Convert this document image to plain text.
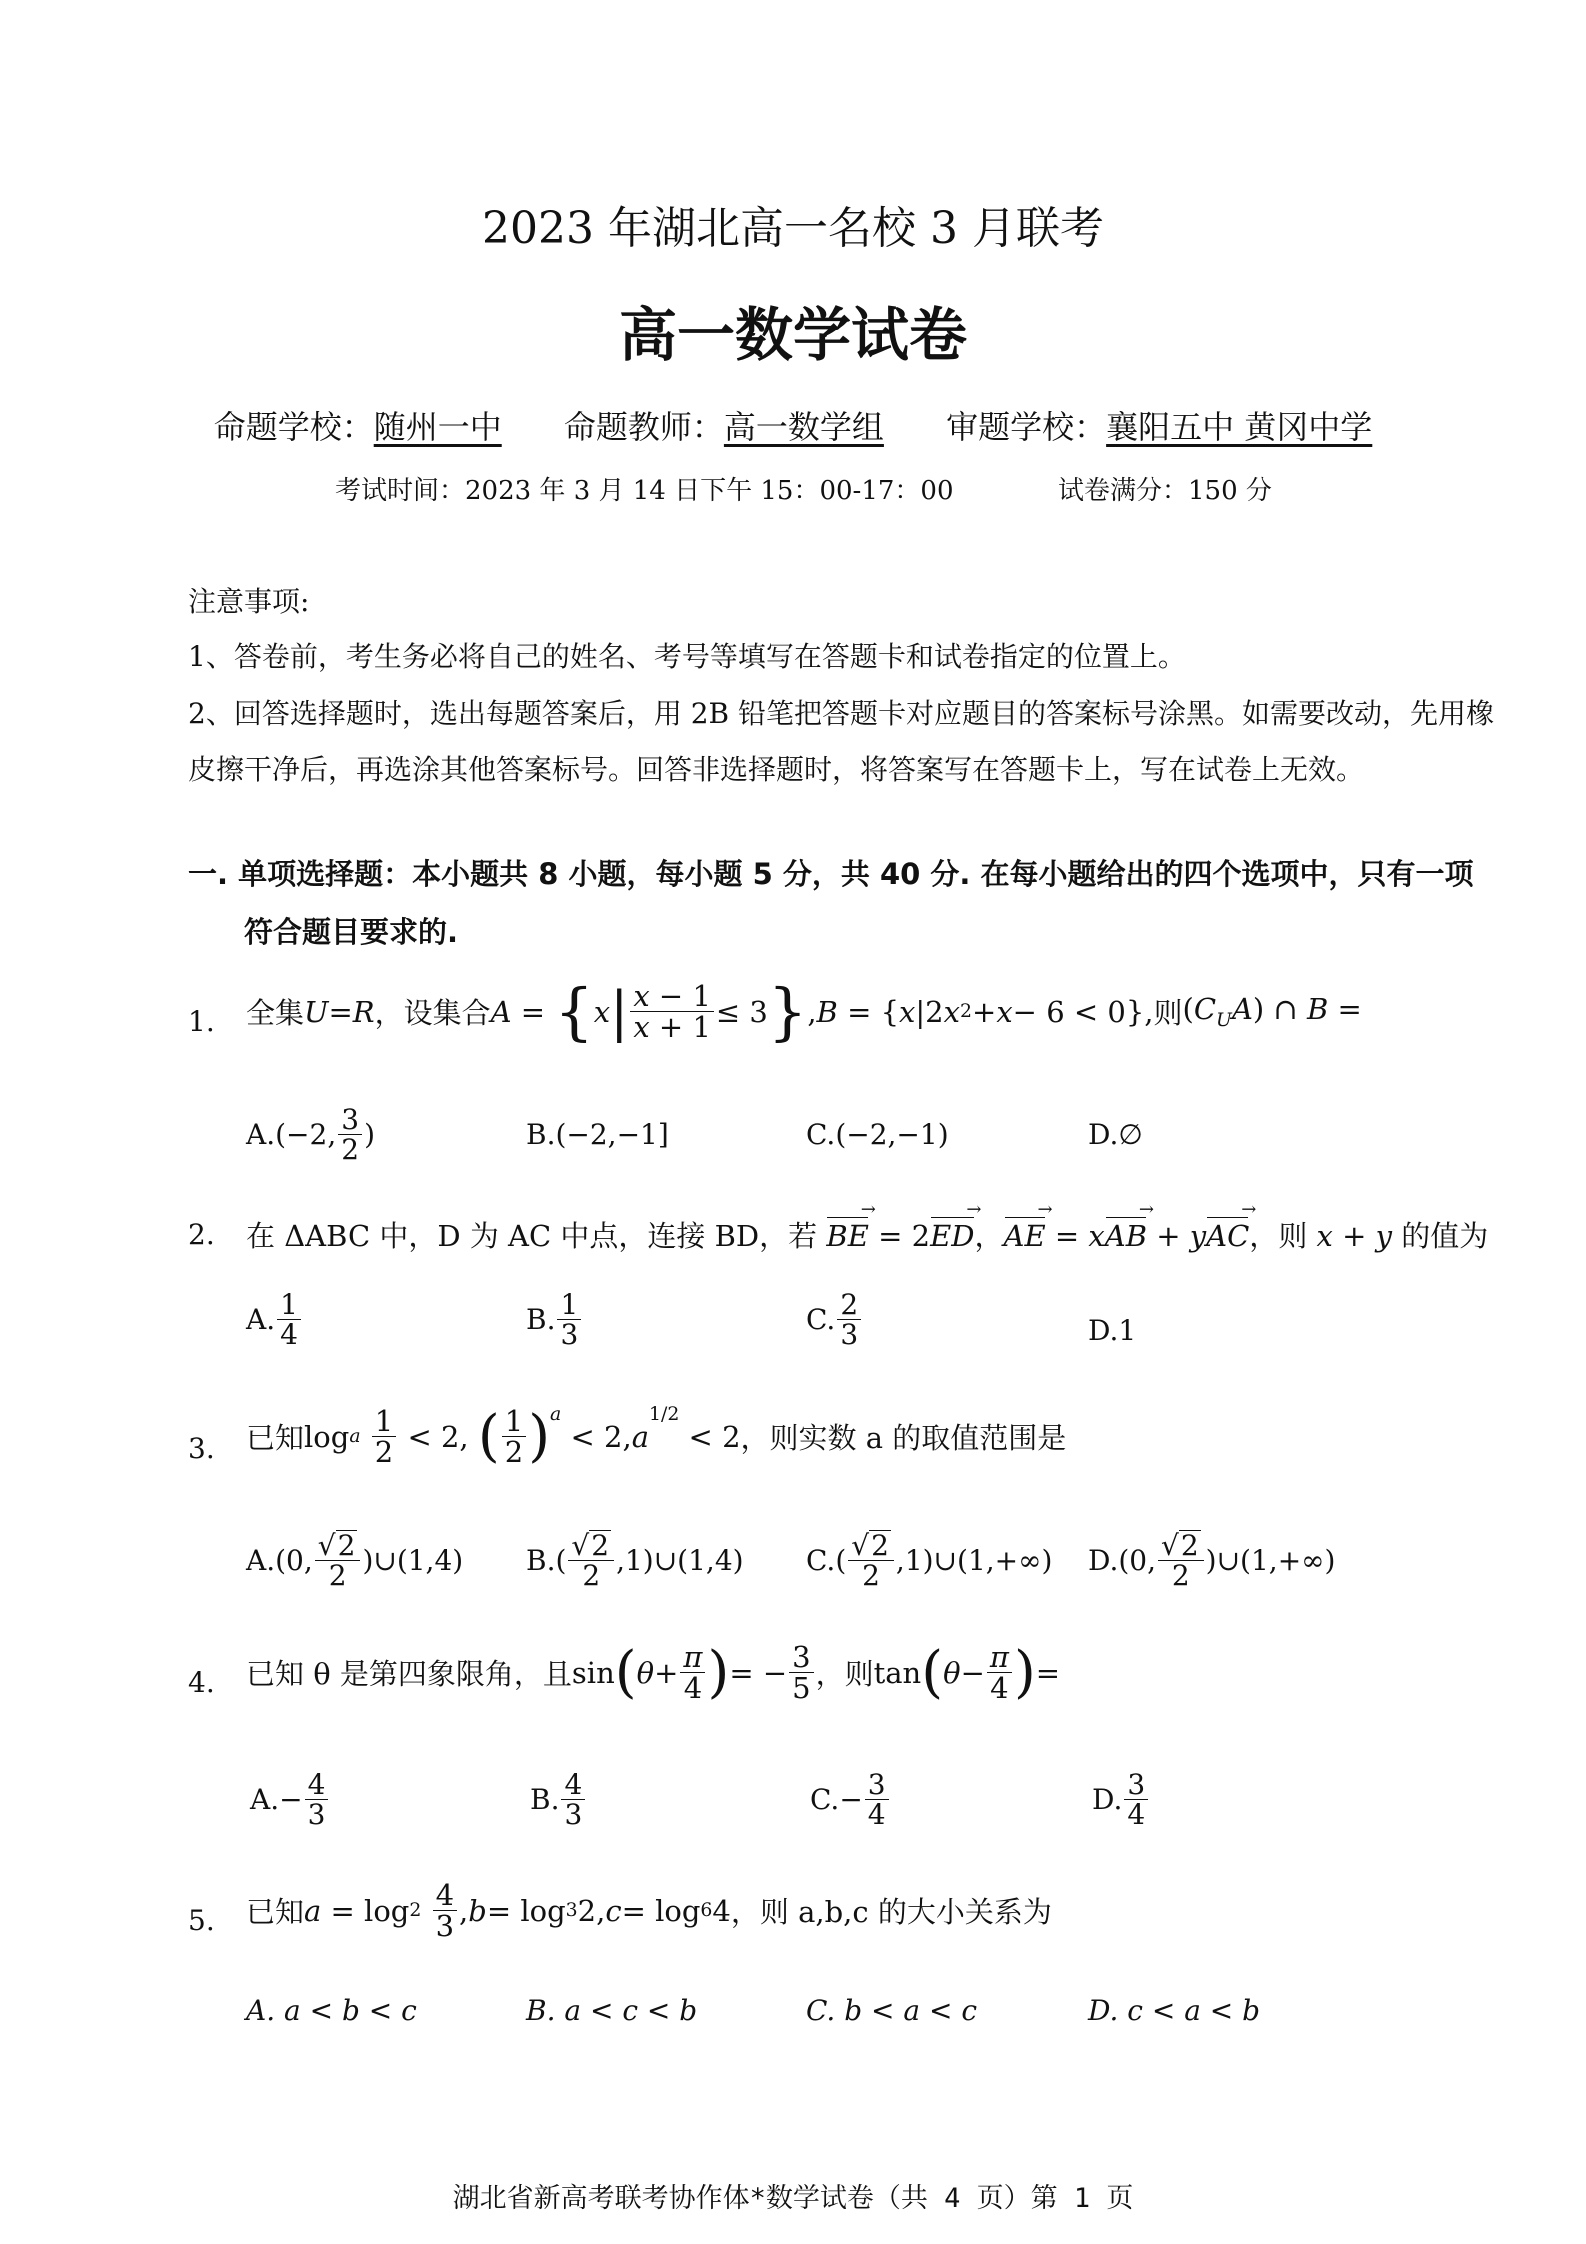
2023 年湖北高一名校 3 月联考
高一数学试卷
命题学校：随州一中 命题教师：高一数学组 审题学校：襄阳五中 黄冈中学
考试时间：2023 年 3 月 14 日下午 15：00-17：00	试卷满分：150 分
注意事项:
1、答卷前，考生务必将自己的姓名、考号等填写在答题卡和试卷指定的位置上。
2、回答选择题时，选出每题答案后，用 2B 铅笔把答题卡对应题目的答案标号涂黑。如需要改动，先用橡
皮擦干净后，再选涂其他答案标号。回答非选择题时，将答案写在答题卡上，写在试卷上无效。
一. 单项选择题：本小题共 8 小题，每小题 5 分，共 40 分. 在每小题给出的四个选项中，只有一项
符合题目要求的.
1. 全集 U = R ，设集合 A = { x | $\frac{x - 1}{x + 1} \le 3$ } , B = { x |2 x 2 + x − 6 < 0}, 则 $(C_UA)$ ∩ B =
A. (−2, $\frac{3}{2}$ )	B.(−2,−1]	C.(−2,−1)	D.∅
2. 在 ΔABC 中，D 为 AC 中点，连接 BD，若 BE → = 2ED →，AE → = xAB → + yAC →，则 x + y 的值为
A. $\frac{1}{4}$	B. $\frac{1}{3}$	C. $\frac{2}{3}$	D.1
3. 已知 log a
$\frac{1}{2} < 2$, ( $\frac{1}{2}$ ) $^a$
< 2, a
$^{1/2}$
< 2 ，则实数 a 的取值范围是
A.(0, $\frac{√2}{2}$ )∪(1,4) $B.( \frac{√2}{2}$ ,1)∪(1,4) $C.( \frac{√2}{2}$ ,1)∪(1,+∞) D.(0, $\frac{√2}{2}$ )∪(1,+∞)
4. 已知 θ 是第四象限角，且 sin ( $\theta + \frac{\pi}{4}$ ) = − $\frac{3}{5}$ ，则 tan ( $\theta - \frac{\pi}{4}$ ) =
$A.- \frac{4}{3}$	B. $\frac{4}{3}$	$C.- \frac{3}{4}$	D. $\frac{3}{4}$
5. 已知 a = log 2
$\frac{4}{3}$ , b = log 3 2, c = log 6 4 ，则 a,b,c 的大小关系为
A. a < b < c	B. a < c < b	C. b < a < c	D. c < a < b
湖北省新高考联考协作体*数学试卷（共 4 页）第 1 页
